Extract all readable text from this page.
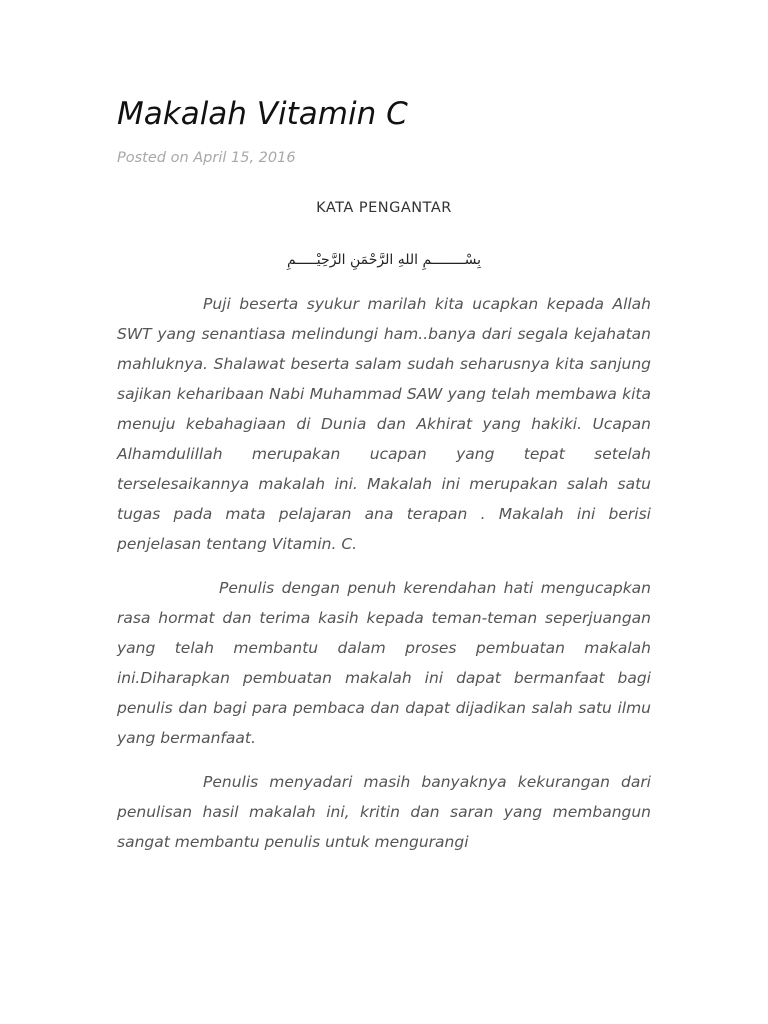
Makalah Vitamin C
Posted on April 15, 2016
KATA PENGANTAR
بِسْــــــــمِ اللهِ الرَّحْمَنِ الرَّحِيْـــــمِ

Puji beserta syukur marilah kita ucapkan kepada Allah SWT yang senantiasa melindungi ham..banya dari segala kejahatan mahluknya. Shalawat beserta salam sudah seharusnya kita sanjung sajikan keharibaan Nabi Muhammad SAW yang telah membawa kita menuju kebahagiaan di Dunia dan Akhirat yang hakiki. Ucapan Alhamdulillah merupakan ucapan yang tepat setelah terselesaikannya makalah ini. Makalah ini merupakan salah satu tugas pada mata pelajaran ana terapan . Makalah ini berisi penjelasan tentang Vitamin. C.

Penulis dengan penuh kerendahan hati mengucapkan rasa hormat dan terima kasih kepada teman-teman seperjuangan yang telah membantu dalam proses pembuatan makalah ini.Diharapkan pembuatan makalah ini dapat bermanfaat bagi penulis dan bagi para pembaca dan dapat dijadikan salah satu ilmu yang bermanfaat.

Penulis menyadari masih banyaknya kekurangan dari penulisan hasil makalah ini, kritin dan saran yang membangun sangat membantu penulis untuk mengurangi
